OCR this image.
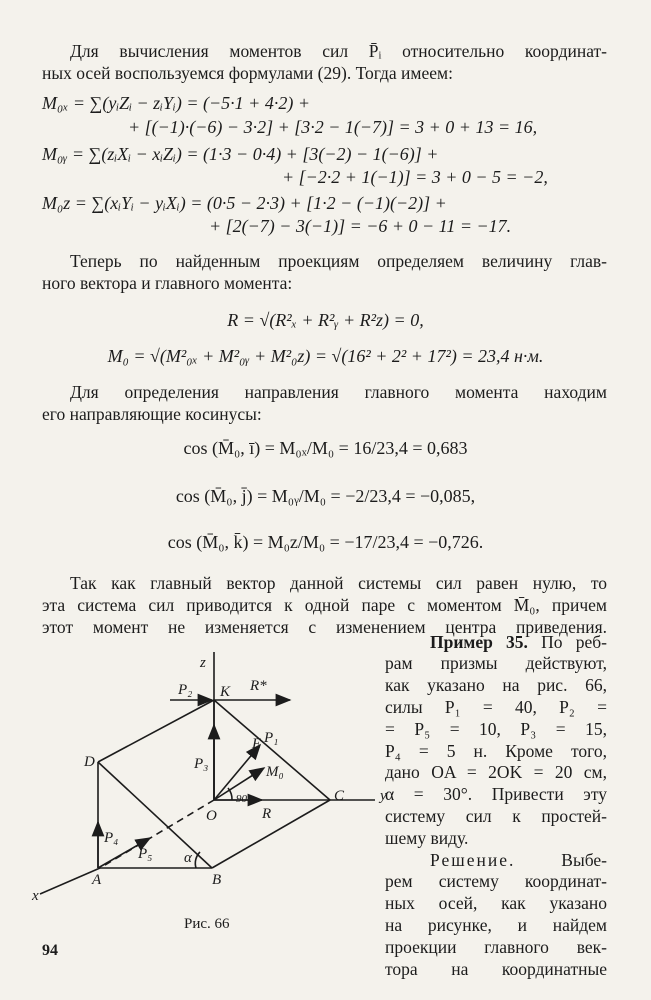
Для вычисления моментов сил P̄ᵢ относительно координат-
ных осей воспользуемся формулами (29). Тогда имеем:
M₀ₓ = ∑(yᵢZᵢ − zᵢYᵢ) = (−5·1 + 4·2) +
+ [(−1)·(−6) − 3·2] + [3·2 − 1(−7)] = 3 + 0 + 13 = 16,
M₀ᵧ = ∑(zᵢXᵢ − xᵢZᵢ) = (1·3 − 0·4) + [3(−2) − 1(−6)] +
+ [−2·2 + 1(−1)] = 3 + 0 − 5 = −2,
M₀z = ∑(xᵢYᵢ − yᵢXᵢ) = (0·5 − 2·3) + [1·2 − (−1)(−2)] +
+ [2(−7) − 3(−1)] = −6 + 0 − 11 = −17.
Теперь по найденным проекциям определяем величину глав-
ного вектора и главного момента:
R = √(R²ₓ + R²ᵧ + R²z) = 0,
M₀ = √(M²₀ₓ + M²₀ᵧ + M²₀z) = √(16² + 2² + 17²) = 23,4 н·м.
Для определения направления главного момента находим
его направляющие косинусы:
cos (M̄₀, ī) = M₀ₓ/M₀ = 16/23,4 = 0,683
cos (M̄₀, j̄) = M₀ᵧ/M₀ = −2/23,4 = −0,085,
cos (M̄₀, k̄) = M₀z/M₀ = −17/23,4 = −0,726.
Так как главный вектор данной системы сил равен нулю, то
эта система сил приводится к одной паре с моментом M̄₀, причем
этот момент не изменяется с изменением центра приведения.
Пример 35. По реб-
рам призмы действуют,
как указано на рис. 66,
силы P₁ = 40, P₂ =
= P₅ = 10, P₃ = 15,
P₄ = 5 н. Кроме того,
дано OA = 2OK = 20 см,
α = 30°. Привести эту
систему сил к простей-
шему виду.
Решение.	Выбе-
рем систему координат-
ных осей, как указано
на рисунке, и найдем
проекции главного век-
тора на координатные
z
y
x
K
D
E
O
C
A	B
P₁
P₂
P₃
P₄
P₅
R*
R
M₀
90°
α
Рис. 66
94
